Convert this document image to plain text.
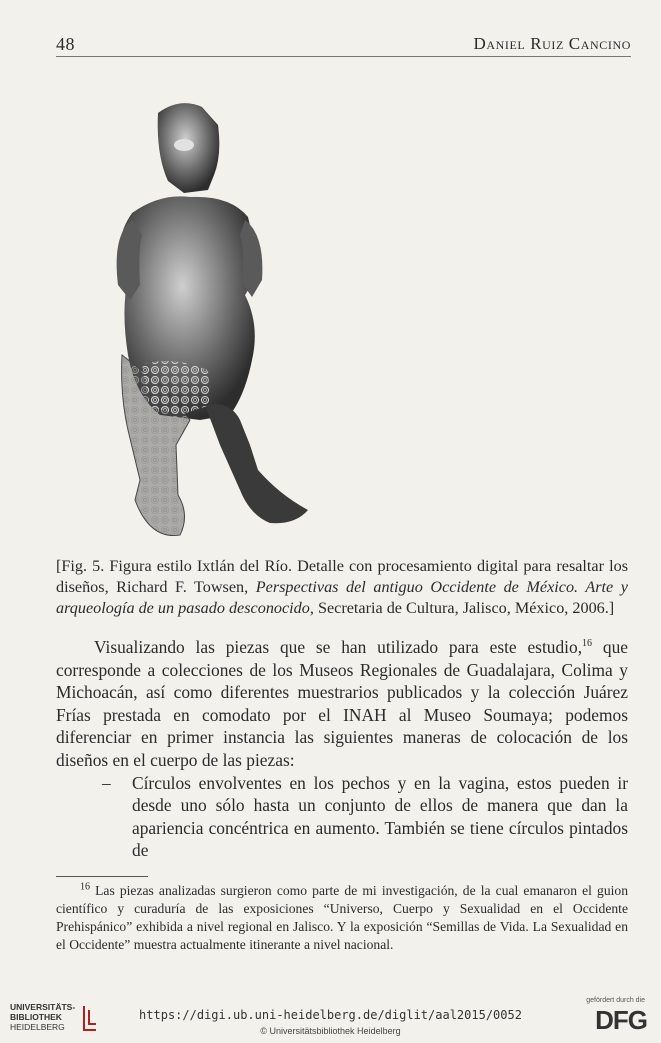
48	Daniel Ruiz Cancino
[Fig. 5. Figura estilo Ixtlán del Río. Detalle con procesamiento digital para resaltar los diseños, Richard F. Towsen, Perspectivas del antiguo Occidente de México. Arte y arqueología de un pasado desconocido, Secretaria de Cultura, Jalisco, México, 2006.]

Visualizando las piezas que se han utilizado para este estudio,$^{16}$ que corresponde a colecciones de los Museos Regionales de Guadalajara, Colima y Michoacán, así como diferentes muestrarios publicados y la colección Juárez Frías prestada en comodato por el INAH al Museo Soumaya; podemos diferenciar en primer instancia las siguientes maneras de colocación de los diseños en el cuerpo de las piezas:

– Círculos envolventes en los pechos y en la vagina, estos pueden ir desde uno sólo hasta un conjunto de ellos de manera que dan la apariencia concéntrica en aumento. También se tiene círculos pintados de
$^{16}$ Las piezas analizadas surgieron como parte de mi investigación, de la cual emanaron el guion científico y curaduría de las exposiciones “Universo, Cuerpo y Sexualidad en el Occidente Prehispánico” exhibida a nivel regional en Jalisco. Y la exposición “Semillas de Vida. La Sexualidad en el Occidente” muestra actualmente itinerante a nivel nacional.
UNIVERSITÄTS-
BIBLIOTHEK
HEIDELBERG
https://digi.ub.uni-heidelberg.de/diglit/aal2015/0052
© Universitätsbibliothek Heidelberg
gefördert durch die
DFG
